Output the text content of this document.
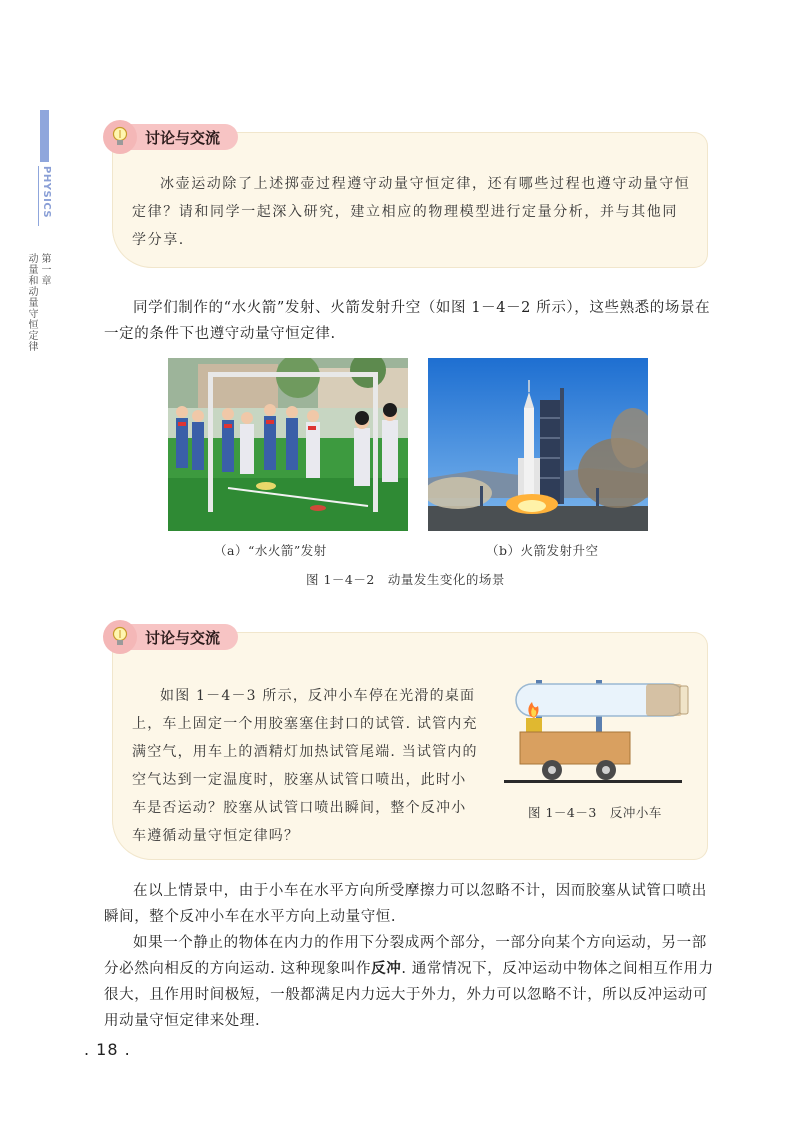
PHYSICS
第一章
动量和动量守恒定律
讨论与交流
冰壶运动除了上述掷壶过程遵守动量守恒定律，还有哪些过程也遵守动量守恒定律？请和同学一起深入研究，建立相应的物理模型进行定量分析，并与其他同学分享.
同学们制作的“水火箭”发射、火箭发射升空（如图 1－4－2 所示），这些熟悉的场景在一定的条件下也遵守动量守恒定律.
（a）“水火箭”发射	（b）火箭发射升空
图 1－4－2　动量发生变化的场景
讨论与交流
如图 1－4－3 所示，反冲小车停在光滑的桌面上，车上固定一个用胶塞塞住封口的试管. 试管内充满空气，用车上的酒精灯加热试管尾端. 当试管内的空气达到一定温度时，胶塞从试管口喷出，此时小车是否运动？胶塞从试管口喷出瞬间，整个反冲小车遵循动量守恒定律吗？
图 1－4－3　反冲小车
在以上情景中，由于小车在水平方向所受摩擦力可以忽略不计，因而胶塞从试管口喷出瞬间，整个反冲小车在水平方向上动量守恒.
如果一个静止的物体在内力的作用下分裂成两个部分，一部分向某个方向运动，另一部分必然向相反的方向运动. 这种现象叫作反冲. 通常情况下，反冲运动中物体之间相互作用力很大，且作用时间极短，一般都满足内力远大于外力，外力可以忽略不计，所以反冲运动可用动量守恒定律来处理.
. 18 .
